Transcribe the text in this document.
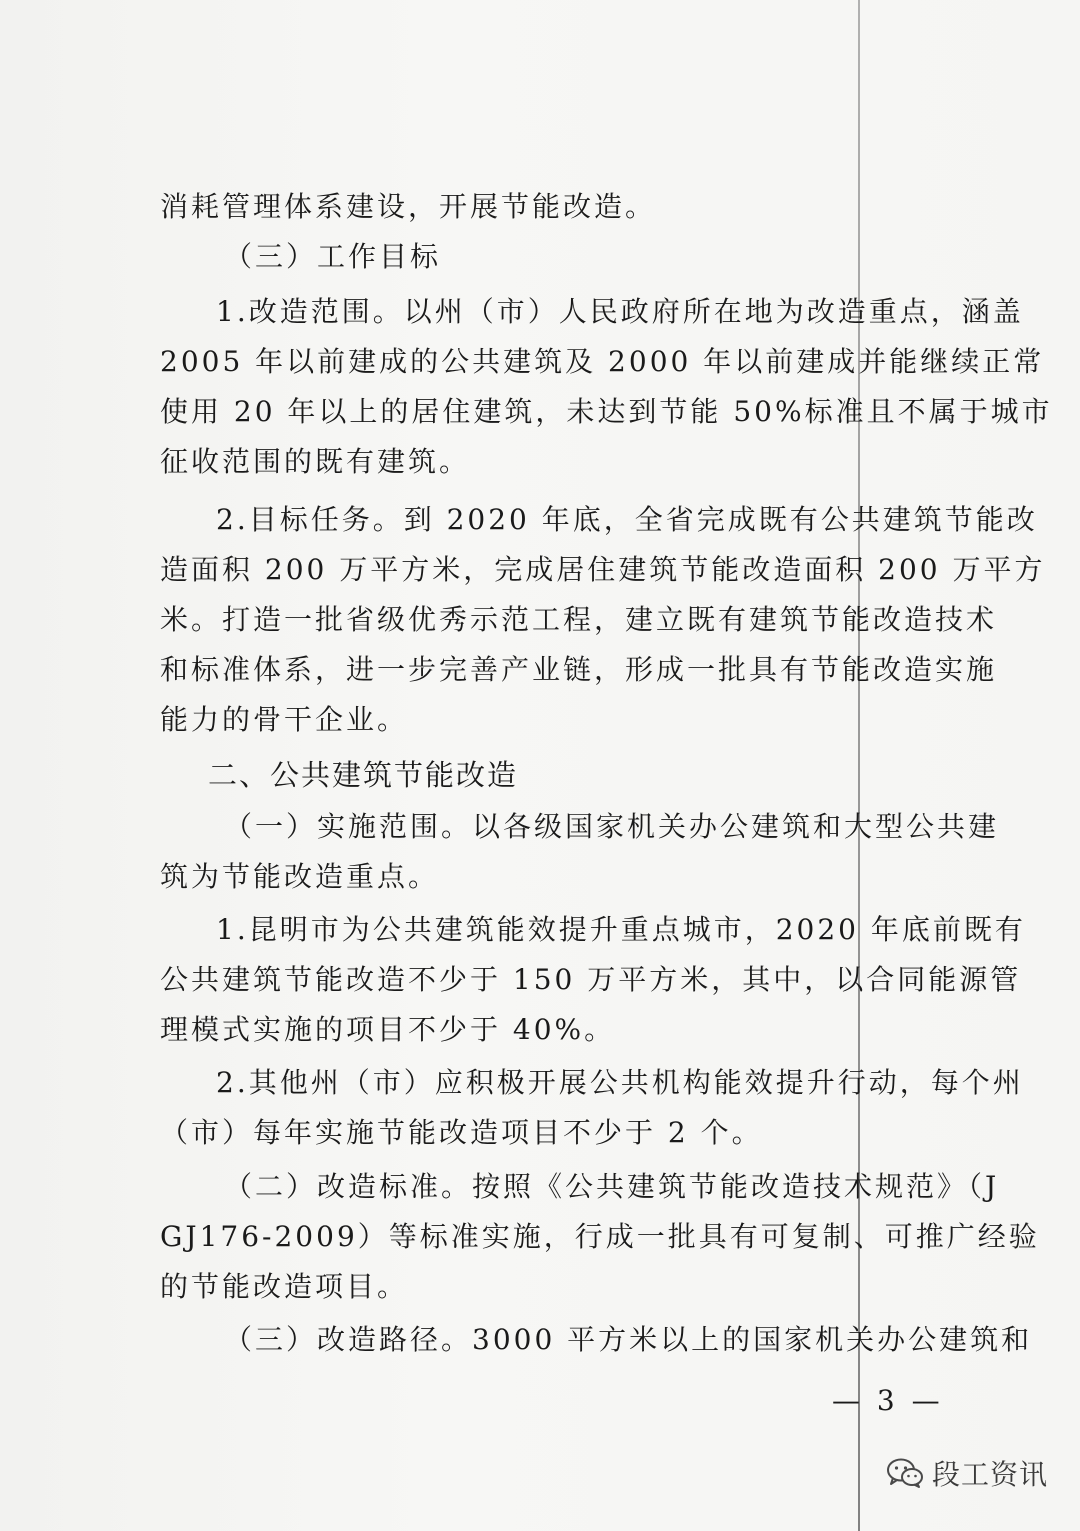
消耗管理体系建设，开展节能改造。
（三）工作目标
1.改造范围。以州（市）人民政府所在地为改造重点，涵盖
2005 年以前建成的公共建筑及 2000 年以前建成并能继续正常
使用 20 年以上的居住建筑，未达到节能 50%标准且不属于城市
征收范围的既有建筑。
2.目标任务。到 2020 年底，全省完成既有公共建筑节能改
造面积 200 万平方米，完成居住建筑节能改造面积 200 万平方
米。打造一批省级优秀示范工程，建立既有建筑节能改造技术
和标准体系，进一步完善产业链，形成一批具有节能改造实施
能力的骨干企业。
二、公共建筑节能改造
（一）实施范围。以各级国家机关办公建筑和大型公共建
筑为节能改造重点。
1.昆明市为公共建筑能效提升重点城市，2020 年底前既有
公共建筑节能改造不少于 150 万平方米，其中，以合同能源管
理模式实施的项目不少于 40%。
2.其他州（市）应积极开展公共机构能效提升行动，每个州
（市）每年实施节能改造项目不少于 2 个。
（二）改造标准。按照《公共建筑节能改造技术规范》（J
GJ176-2009）等标准实施，行成一批具有可复制、可推广经验
的节能改造项目。
（三）改造路径。3000 平方米以上的国家机关办公建筑和
— 3 —
段工资讯
